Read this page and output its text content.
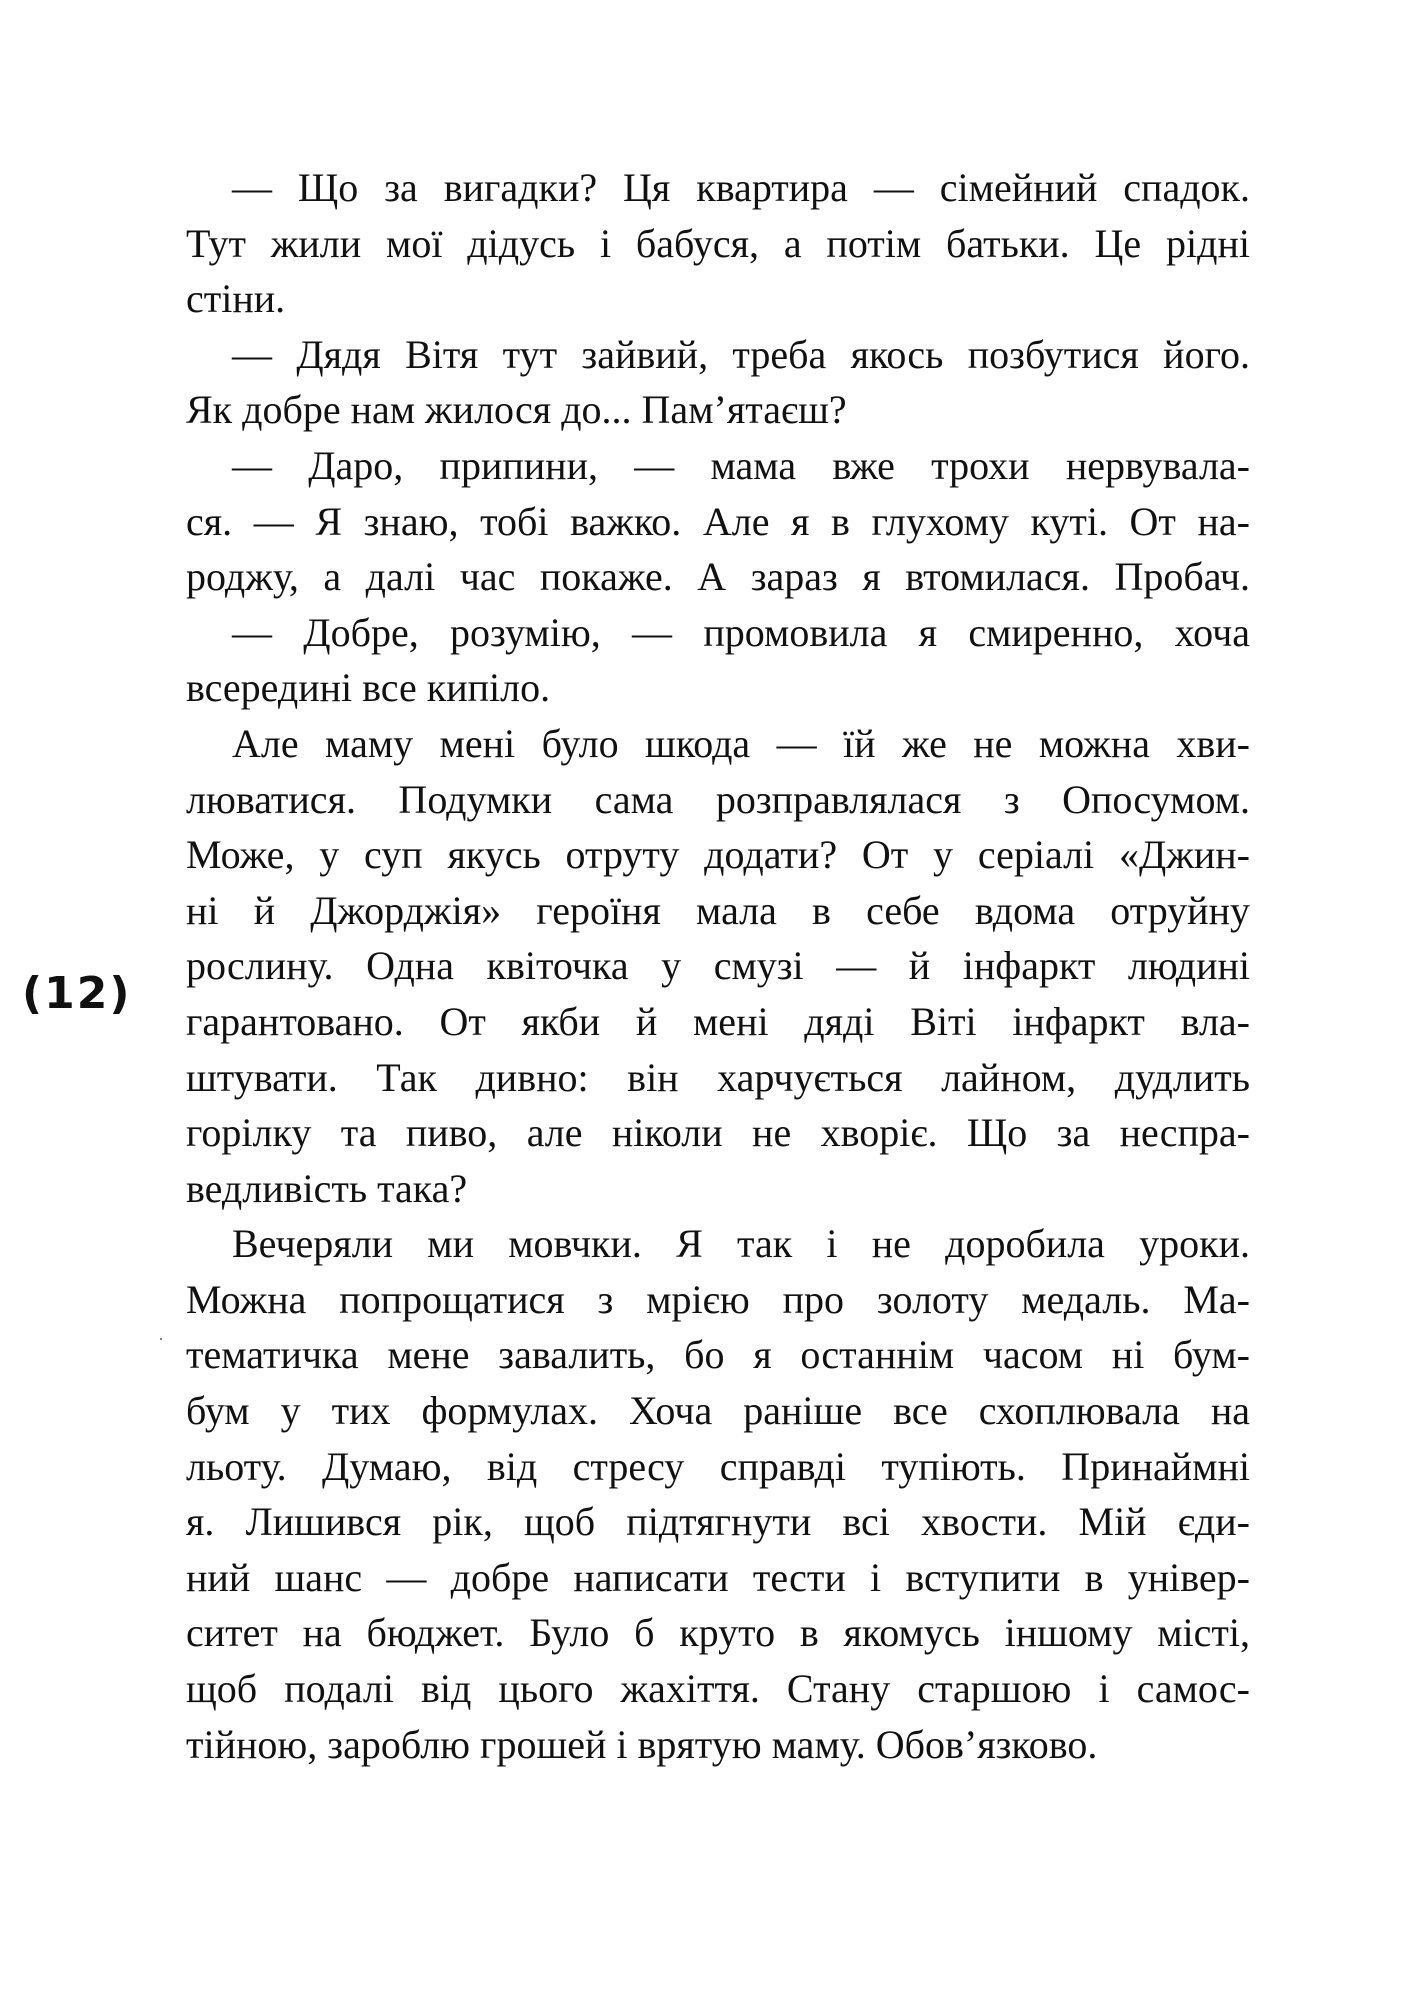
— Що за вигадки? Ця квартира — сімейний спадок.
Тут жили мої дідусь і бабуся, а потім батьки. Це рідні
стіни.

— Дядя Вітя тут зайвий, треба якось позбутися його.
Як добре нам жилося до... Пам’ятаєш?

— Даро, припини, — мама вже трохи нервувала-
ся. — Я знаю, тобі важко. Але я в глухому куті. От на-
роджу, а далі час покаже. А зараз я втомилася. Пробач.

— Добре, розумію, — промовила я смиренно, хоча
всередині все кипіло.

Але маму мені було шкода — їй же не можна хви-
люватися. Подумки сама розправлялася з Опосумом.
Може, у суп якусь отруту додати? От у серіалі «Джин-
ні й Джорджія» героїня мала в себе вдома отруйну
рослину. Одна квіточка у смузі — й інфаркт людині
гарантовано. От якби й мені дяді Віті інфаркт вла-
штувати. Так дивно: він харчується лайном, дудлить
горілку та пиво, але ніколи не хворіє. Що за неспра-
ведливість така?

Вечеряли ми мовчки. Я так і не доробила уроки.
Можна попрощатися з мрією про золоту медаль. Ма-
тематичка мене завалить, бо я останнім часом ні бум-
бум у тих формулах. Хоча раніше все схоплювала на
льоту. Думаю, від стресу справді тупіють. Принаймні
я. Лишився рік, щоб підтягнути всі хвости. Мій єди-
ний шанс — добре написати тести і вступити в універ-
ситет на бюджет. Було б круто в якомусь іншому місті,
щоб подалі від цього жахіття. Стану старшою і самос-
тійною, зароблю грошей і врятую маму. Обов’язково.

(12)
